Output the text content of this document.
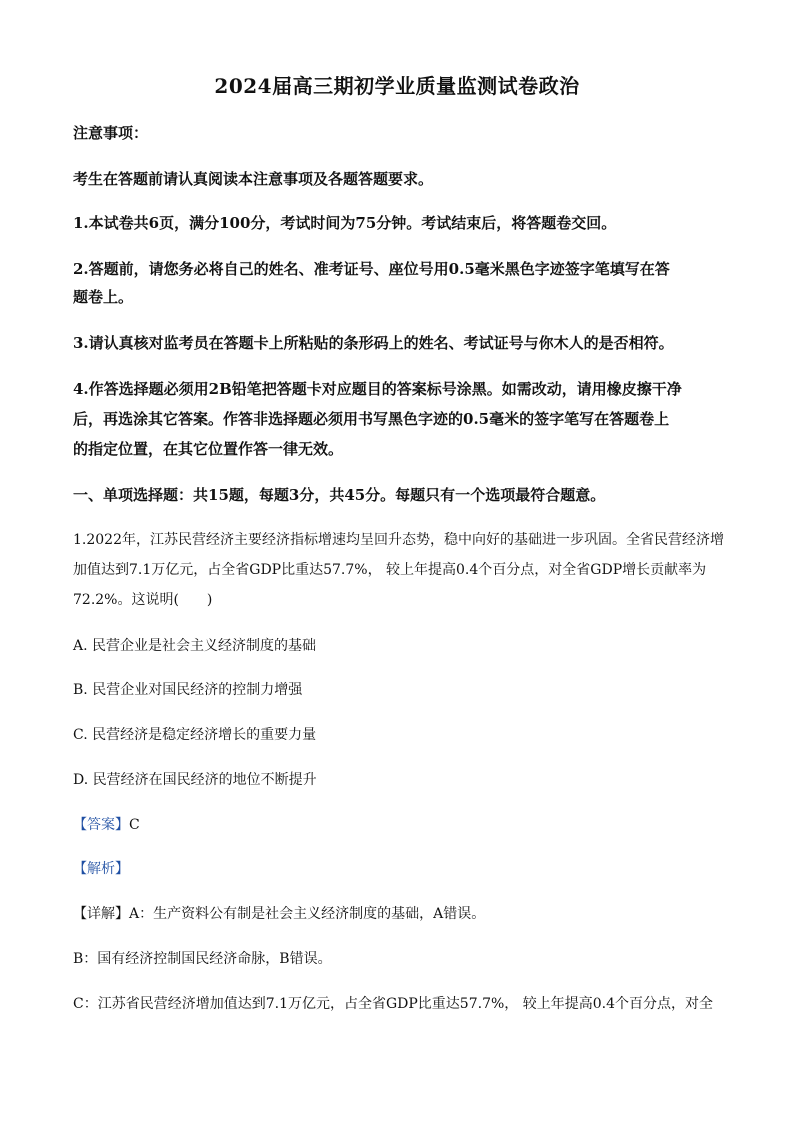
2024届高三期初学业质量监测试卷政治
注意事项：
考生在答题前请认真阅读本注意事项及各题答题要求。
1.本试卷共6页，满分100分，考试时间为75分钟。考试结束后，将答题卷交回。
2.答题前，请您务必将自己的姓名、准考证号、座位号用0.5毫米黑色字迹签字笔填写在答
题卷上。
3.请认真核对监考员在答题卡上所粘贴的条形码上的姓名、考试证号与你木人的是否相符。
4.作答选择题必须用2B铅笔把答题卡对应题目的答案标号涂黑。如需改动，请用橡皮擦干净
后，再选涂其它答案。作答非选择题必须用书写黑色字迹的0.5毫米的签字笔写在答题卷上
的指定位置，在其它位置作答一律无效。
一、单项选择题：共15题，每题3分，共45分。每题只有一个选项最符合题意。
1.2022年，江苏民营经济主要经济指标增速均呈回升态势，稳中向好的基础进一步巩固。全省民营经济增
加值达到7.1万亿元，占全省GDP比重达57.7%， 较上年提高0.4个百分点，对全省GDP增长贡献率为
72.2%。这说明(　　)
A. 民营企业是社会主义经济制度的基础
B. 民营企业对国民经济的控制力增强
C. 民营经济是稳定经济增长的重要力量
D. 民营经济在国民经济的地位不断提升
【答案】C
【解析】
【详解】A：生产资料公有制是社会主义经济制度的基础，A错误。
B：国有经济控制国民经济命脉，B错误。
C：江苏省民营经济增加值达到7.1万亿元，占全省GDP比重达57.7%， 较上年提高0.4个百分点，对全
